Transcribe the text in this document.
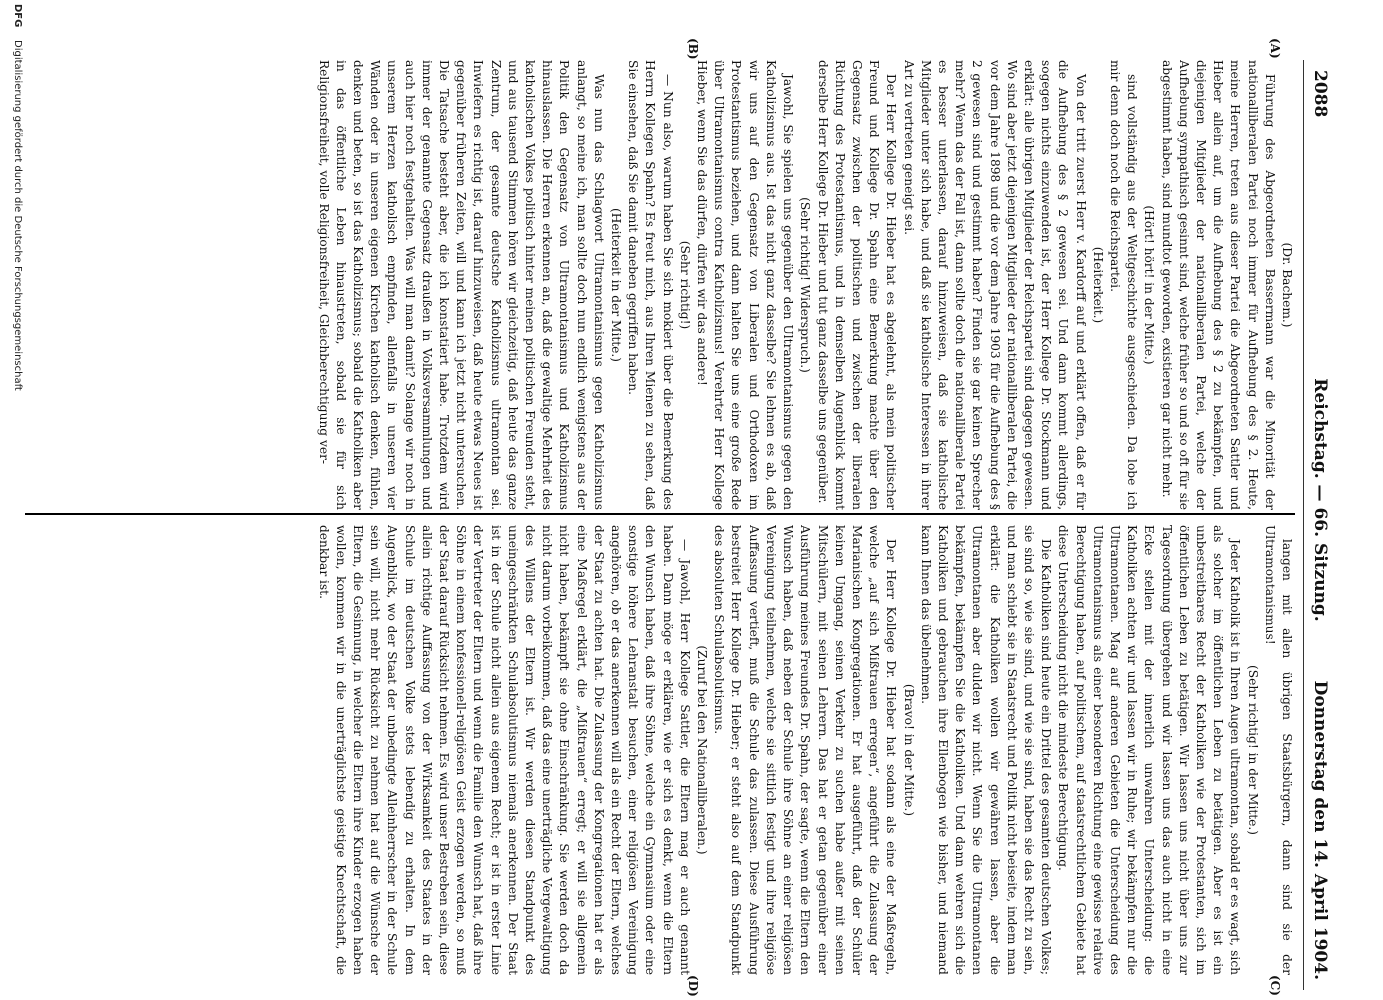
2088
Reichstag. — 66. Sitzung.
Donnerstag den 14. April 1904.
(A)
(B)
(C)
(D)

(Dr. Bachem.)

Führung des Abgeordneten Bassermann war die Minorität der nationalliberalen Partei noch immer für Aufhebung des § 2. Heute, meine Herren, treten aus dieser Partei die Abgeordneten Sattler und Hieber allein auf, um die Aufhebung des § 2 zu bekämpfen, und diejenigen Mitglieder der nationalliberalen Partei, welche der Aufhebung sympathisch gesinnt sind, welche früher so und so oft für sie abgestimmt haben, sind mundtot geworden, existieren gar nicht mehr.

(Hört! hört! in der Mitte.)

sind vollständig aus der Weltgeschichte ausgeschieden. Da lobe ich mir denn doch noch die Reichspartei.

(Heiterkeit.)

Von der tritt zuerst Herr v. Kardorff auf und erklärt offen, daß er für die Aufhebung des § 2 gewesen sei. Und dann kommt allerdings, sogegen nichts einzuwenden ist, der Herr Kollege Dr. Stockmann und erklärt: alle übrigen Mitglieder der Reichspartei sind dagegen gewesen. Wo sind aber jetzt diejenigen Mitglieder der nationalliberalen Partei, die vor dem Jahre 1898 und die vor dem Jahre 1903 für die Aufhebung des § 2 gewesen sind und gestimmt haben? Finden sie gar keinen Sprecher mehr? Wenn das der Fall ist, dann sollte doch die nationalliberale Partei es besser unterlassen, darauf hinzuweisen, daß sie katholische Mitglieder unter sich habe, und daß sie katholische Interessen in ihrer Art zu vertreten geneigt sei.

Der Herr Kollege Dr. Hieber hat es abgelehnt, als mein politischer Freund und Kollege Dr. Spahn eine Bemerkung machte über den Gegensatz zwischen der politischen und zwischen der liberalen Richtung des Protestantismus, und in demselben Augenblick kommt derselbe Herr Kollege Dr. Hieber und tut ganz dasselbe uns gegenüber.

(Sehr richtig! Widerspruch.)

Jawohl, Sie spielen uns gegenüber den Ultramontanismus gegen den Katholizismus aus. Ist das nicht ganz dasselbe? Sie lehnen es ab, daß wir uns auf den Gegensatz von Liberalen und Orthodoxen im Protestantismus beziehen, und dann halten Sie uns eine große Rede über Ultramontanismus contra Katholizismus! Verehrter Herr Kollege Hieber, wenn Sie das dürfen, dürfen wir das andere!

(Sehr richtig!)

— Nun also, warum haben Sie sich mokiert über die Bemerkung des Herrn Kollegen Spahn? Es freut mich, aus Ihren Mienen zu sehen, daß Sie einsehen, daß Sie damit daneben gegriffen haben.

(Heiterkeit in der Mitte.)

Was nun das Schlagwort Ultramontanismus gegen Katholizismus anlangt, so meine ich, man sollte doch nun endlich wenigstens aus der Politik den Gegensatz von Ultramontanismus und Katholizismus hinauslassen. Die Herren erkennen an, daß die gewaltige Mehrheit des katholischen Volkes politisch hinter meinen politischen Freunden steht, und aus tausend Stimmen hören wir gleichzeitig, daß heute das ganze Zentrum, der gesamte deutsche Katholizismus ultramontan sei. Inwiefern es richtig ist, darauf hinzuweisen, daß heute etwas Neues ist gegenüber früheren Zeiten, will und kann ich jetzt nicht untersuchen. Die Tatsache besteht aber, die ich konstatiert habe. Trotzdem wird immer der genannte Gegensatz draußen in Volksversammlungen und auch hier noch festgehalten. Was will man damit? Solange wir noch in unserem Herzen katholisch empfinden, allenfalls in unseren vier Wänden oder in unseren eigenen Kirchen katholisch denken, fühlen, denken und beten, so ist das Katholizismus; sobald die Katholiken aber in das öffentliche Leben hinaustreten, sobald sie für sich Religionsfreiheit, volle Religionsfreiheit, Gleichberechtigung ver-

langen mit allen übrigen Staatsbürgern, dann sind sie der Ultramontanismus!

(Sehr richtig! in der Mitte.)

Jeder Katholik ist in Ihren Augen ultramontan, sobald er es wagt, sich als solcher im öffentlichen Leben zu betätigen. Aber es ist ein unbestreitbares Recht der Katholiken wie der Protestanten, sich im öffentlichen Leben zu betätigen. Wir lassen uns nicht über uns zur Tagesordnung übergehen und wir lassen uns das auch nicht in eine Ecke stellen mit der innerlich unwahren Unterscheidung: die Katholiken achten wir und lassen wir in Ruhe; wir bekämpfen nur die Ultramontanen. Mag auf anderen Gebieten die Unterscheidung des Ultramontanismus als einer besonderen Richtung eine gewisse relative Berechtigung haben, auf politischem, auf staatsrechtlichem Gebiete hat diese Unterscheidung nicht die mindeste Berechtigung.

Die Katholiken sind heute ein Drittel des gesamten deutschen Volkes; sie sind so, wie sie sind, und wie sie sind, haben sie das Recht zu sein, und man schiebt sie in Staatsrecht und Politik nicht beiseite, indem man erklärt: die Katholiken wollen wir gewähren lassen, aber die Ultramontanen aber dulden wir nicht. Wenn Sie die Ultramontanen bekämpfen, bekämpfen Sie die Katholiken. Und dann wehren sich die Katholiken und gebrauchen ihre Ellenbogen wie bisher, und niemand kann Ihnen das übelnehmen.

(Bravo! in der Mitte.)

Der Herr Kollege Dr. Hieber hat sodann als eine der Maßregeln, welche „auf sich Mißtrauen erregen“, angeführt die Zulassung der Marianischen Kongregationen. Er hat ausgeführt, daß der Schüler keinen Umgang, seinen Verkehr zu suchen habe außer mit seinen Mitschülern, mit seinen Lehrern. Das hat er getan gegenüber einer Ausführung meines Freundes Dr. Spahn, der sagte, wenn die Eltern den Wunsch haben, daß neben der Schule ihre Söhne an einer religiösen Vereinigung teilnehmen, welche sie sittlich festigt und ihre religiöse Auffassung vertieft, muß die Schule das zulassen. Diese Ausführung bestreitet Herr Kollege Dr. Hieber; er steht also auf dem Standpunkt des absoluten Schulabsolutismus.

(Zuruf bei den Nationalliberalen.)

— Jawohl, Herr Kollege Sattler, die Eltern mag er auch genannt haben. Dann möge er erklären, wie er sich es denkt, wenn die Eltern den Wunsch haben, daß ihre Söhne, welche ein Gymnasium oder eine sonstige höhere Lehranstalt besuchen, einer religiösen Vereinigung angehören, ob er das anerkennen will als ein Recht der Eltern, welches der Staat zu achten hat. Die Zulassung der Kongregationen hat er als eine Maßregel erklärt, die „Mißtrauen“ erregt; er will sie allgemein nicht haben, bekämpft sie ohne Einschränkung. Sie werden doch da nicht darum vorbeikommen, daß das eine unerträgliche Vergewaltigung des Willens der Eltern ist. Wir werden diesen Standpunkt des uneingeschränkten Schulabsolutismus niemals anerkennen. Der Staat ist in der Schule nicht allein aus eigenem Recht; er ist in erster Linie der Vertreter der Eltern und wenn die Familie den Wunsch hat, daß ihre Söhne in einem konfessionell-religiösen Geist erzogen werden, so muß der Staat darauf Rücksicht nehmen. Es wird unser Bestreben sein, diese allein richtige Auffassung von der Wirksamkeit des Staates in der Schule im deutschen Volke stets lebendig zu erhalten. In dem Augenblick, wo der Staat der unbedingte Alleinherrscher in der Schule sein will, nicht mehr Rücksicht zu nehmen hat auf die Wünsche der Eltern, die Gesinnung, in welcher die Eltern ihre Kinder erzogen haben wollen, kommen wir in die unerträglichste geistige Knechtschaft, die denkbar ist.

DFG
Digitalisierung gefördert durch die Deutsche Forschungsgemeinschaft
